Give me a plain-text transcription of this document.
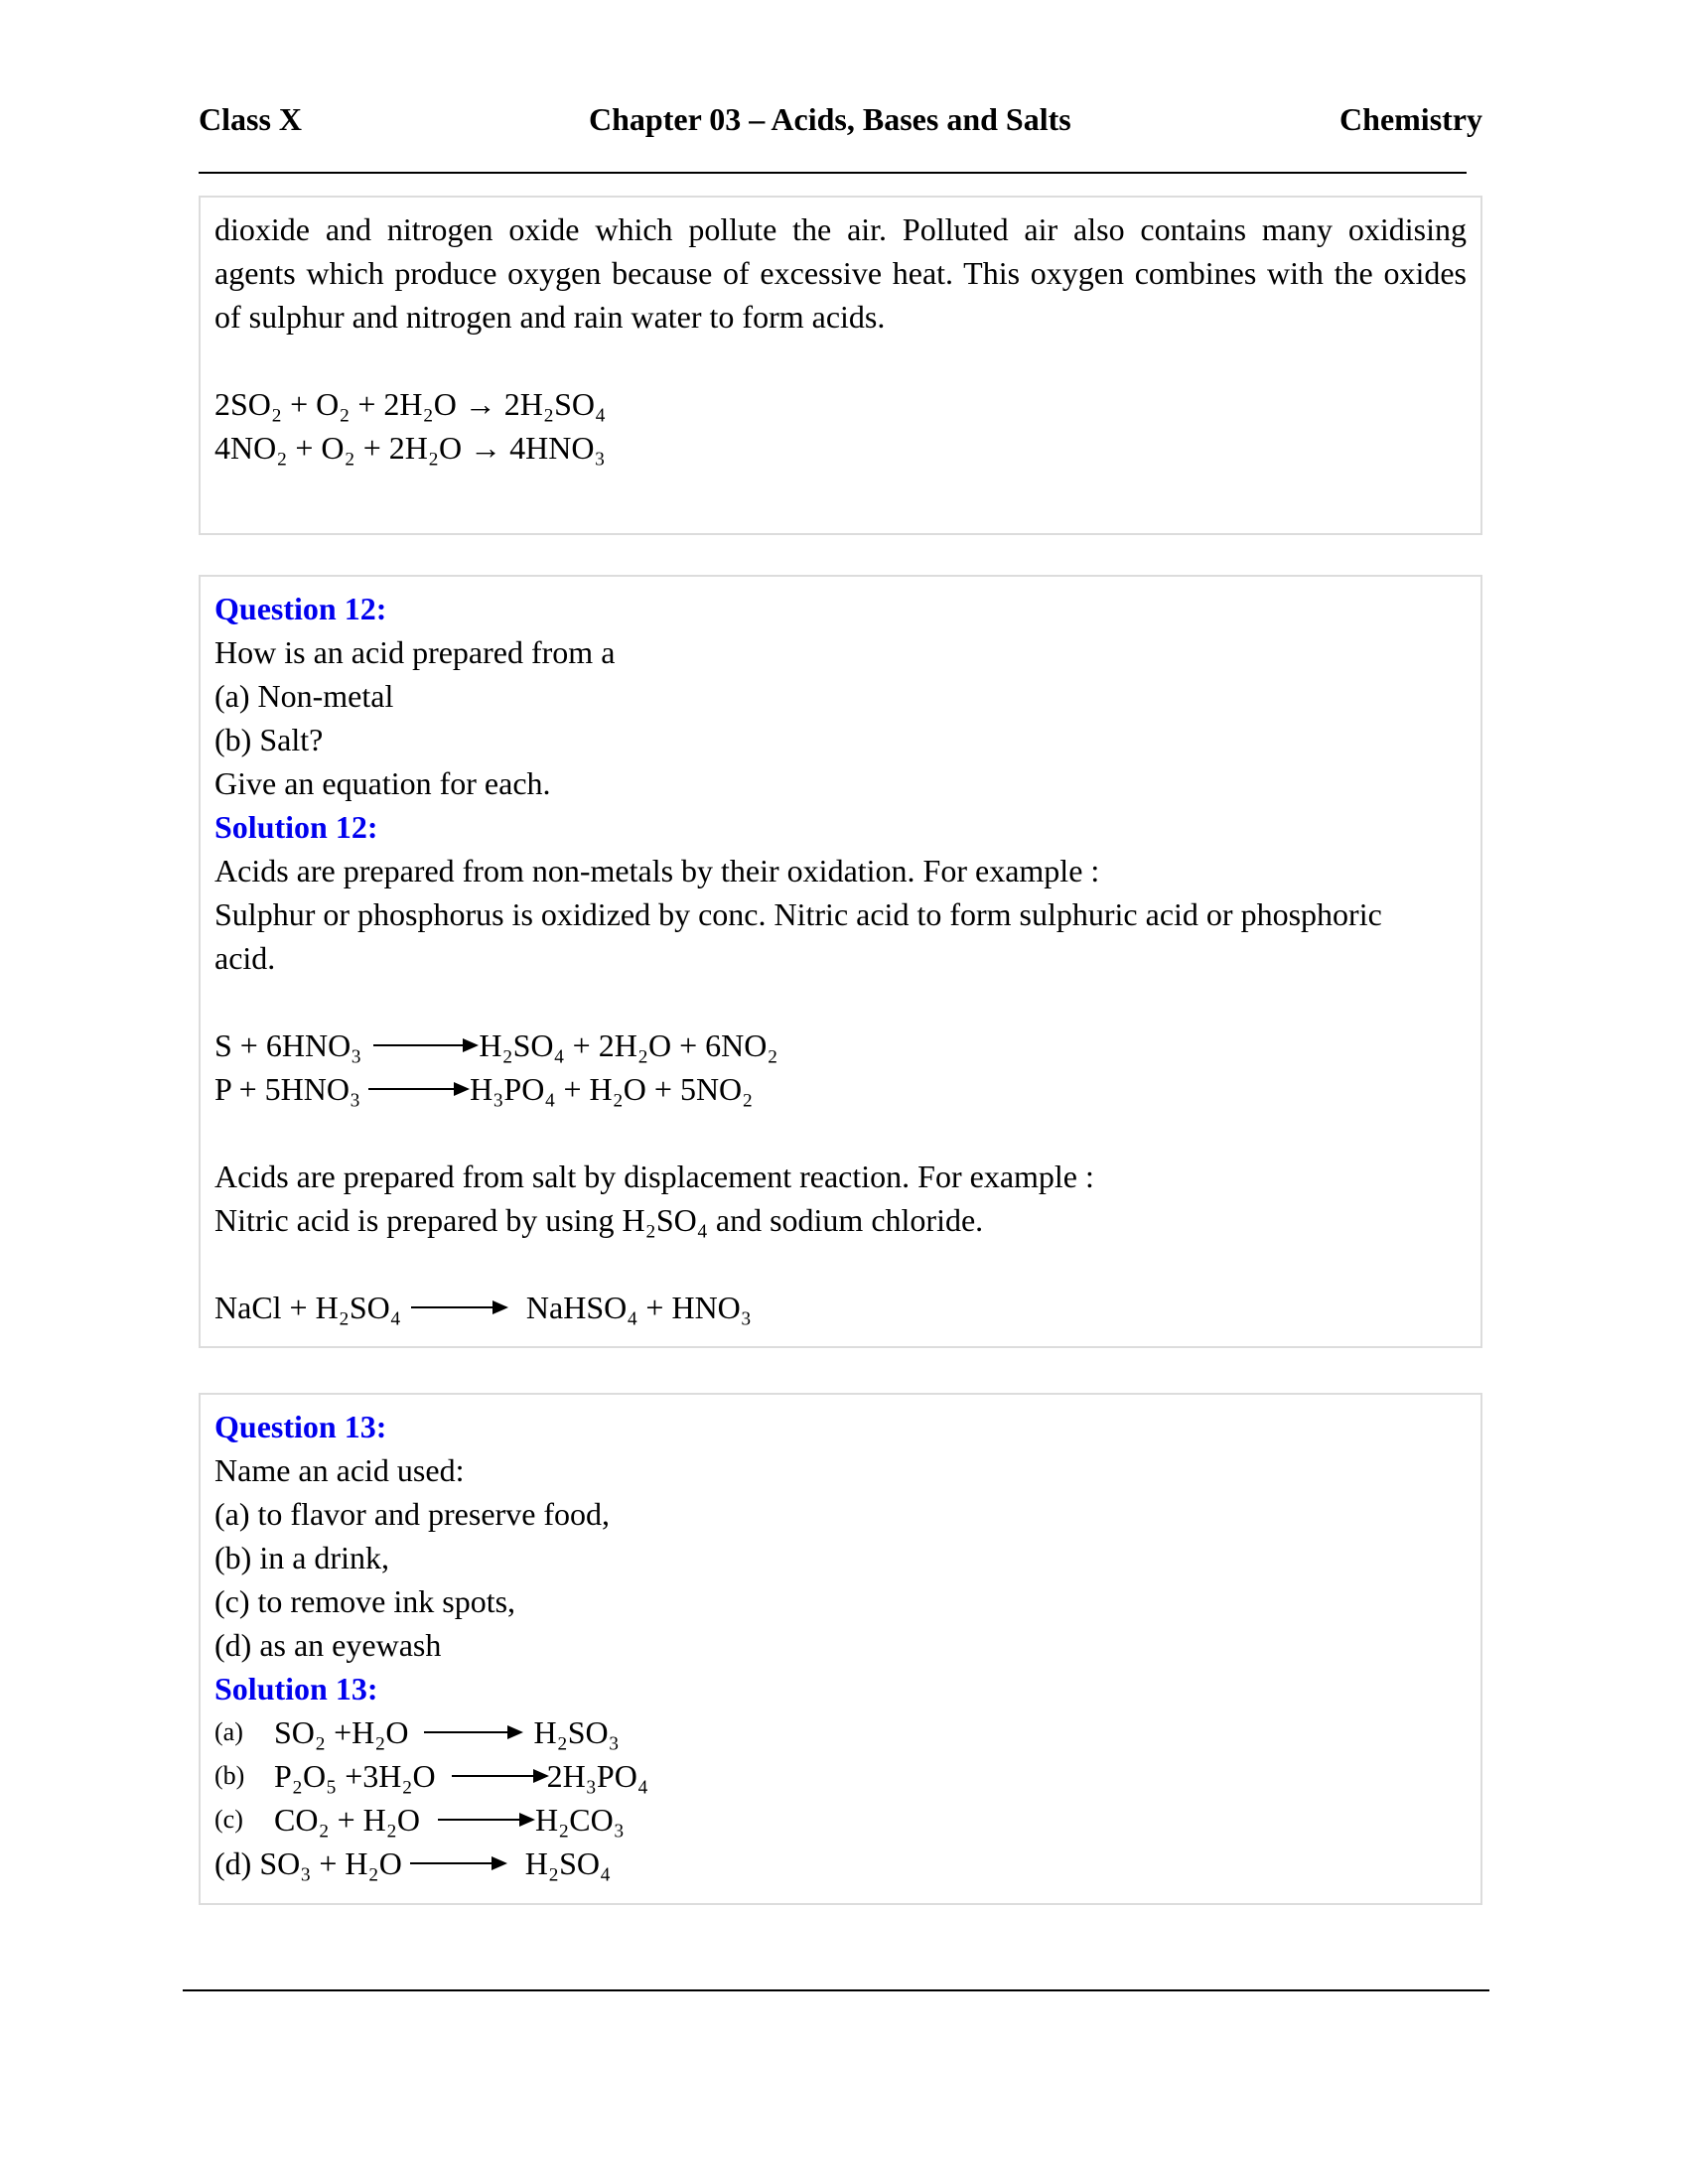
Class X	Chapter 03 – Acids, Bases and Salts	Chemistry
dioxide and nitrogen oxide which pollute the air. Polluted air also contains many oxidising
agents which produce oxygen because of excessive heat. This oxygen combines with the oxides
of sulphur and nitrogen and rain water to form acids.
2SO₂ + O₂ + 2H₂O → 2H₂SO₄
4NO₂ + O₂ + 2H₂O → 4HNO₃
Question 12:
How is an acid prepared from a
(a) Non-metal
(b) Salt?
Give an equation for each.
Solution 12:
Acids are prepared from non-metals by their oxidation. For example :
Sulphur or phosphorus is oxidized by conc. Nitric acid to form sulphuric acid or phosphoric
acid.
S + 6HNO₃ → H₂SO₄ + 2H₂O + 6NO₂
P + 5HNO₃ → H₃PO₄ + H₂O + 5NO₂
Acids are prepared from salt by displacement reaction. For example :
Nitric acid is prepared by using H₂SO₄ and sodium chloride.
NaCl + H₂SO₄ → NaHSO₄ + HNO₃
Question 13:
Name an acid used:
(a) to flavor and preserve food,
(b) in a drink,
(c) to remove ink spots,
(d) as an eyewash
Solution 13:
(a) SO₂ +H₂O → H₂SO₃
(b) P₂O₅ +3H₂O → 2H₃PO₄
(c) CO₂ + H₂O → H₂CO₃
(d) SO₃ + H₂O → H₂SO₄
